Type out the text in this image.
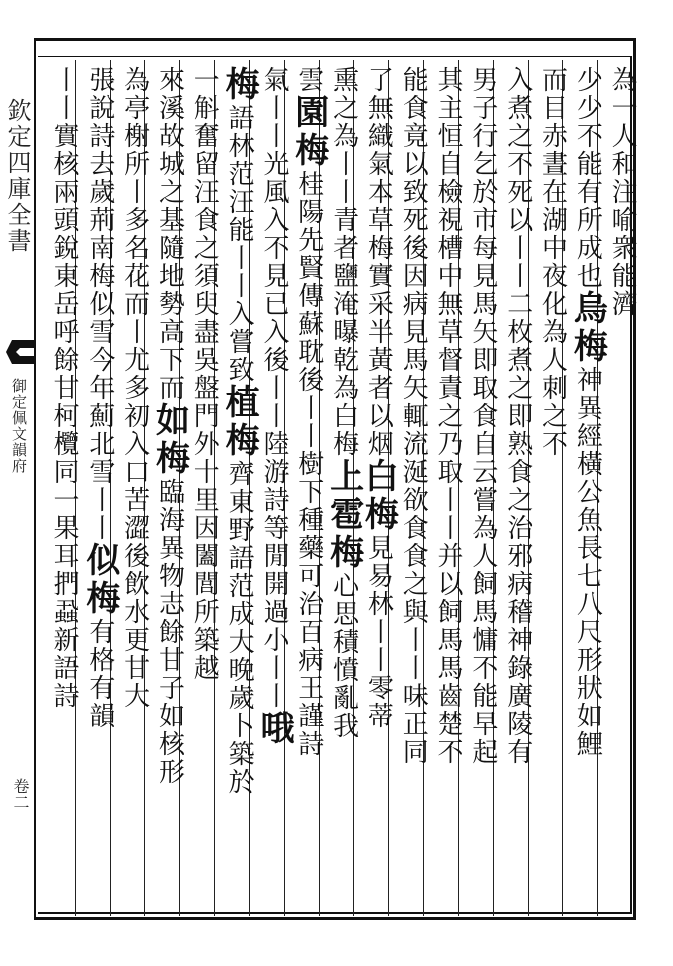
欽定四庫全書
御定佩文韻府
卷二
為一人和注喻衆能濟
少少不能有所成也烏梅神異經橫公魚長七八尺形狀如鯉
而目赤晝在湖中夜化為人刺之不
入煮之不死以丨丨二枚煮之即熟食之治邪病稽神錄廣陵有
男子行乞於市每見馬矢即取食自云嘗為人飼馬慵不能早起
其主恒自檢視槽中無草督責之乃取丨丨并以飼馬馬齒楚不
能食竟以致死後因病見馬矢輒流涎欲食食之與丨丨味正同
了無織氣本草梅實采半黃者以烟白梅見易林丨丨零蒂
熏之為丨丨青者鹽淹曝乾為白梅上雹梅心思積憤亂我
雲園梅桂陽先賢傳蘇耽後丨丨樹下種藥可治百病王謹詩
氣丨丨光風入不見已入後丨丨陸游詩等閒開過小丨丨哦
梅語林范汪能丨丨入嘗致植梅齊東野語范成大晚歲卜築於
一斛奮留汪食之須臾盡吳盤門外十里因闔閭所築越
來溪故城之基隨地勢高下而如梅臨海異物志餘甘子如核形
為亭榭所丨多名花而丨尤多初入口苦澀後飲水更甘大
張說詩去歲荊南梅似雪今年薊北雪丨丨似梅有格有韻
丨丨實核兩頭銳東岳呼餘甘柯欖同一果耳捫蝨新語詩
